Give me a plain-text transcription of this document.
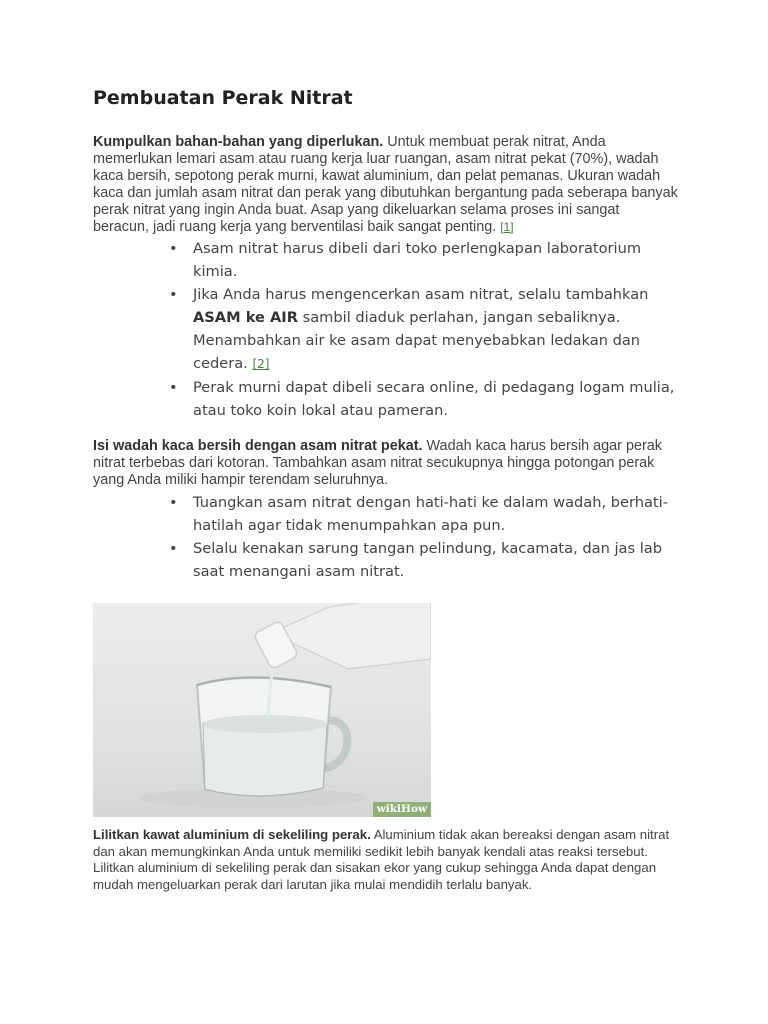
Pembuatan Perak Nitrat

Kumpulkan bahan-bahan yang diperlukan. Untuk membuat perak nitrat, Anda memerlukan lemari asam atau ruang kerja luar ruangan, asam nitrat pekat (70%), wadah kaca bersih, sepotong perak murni, kawat aluminium, dan pelat pemanas. Ukuran wadah kaca dan jumlah asam nitrat dan perak yang dibutuhkan bergantung pada seberapa banyak perak nitrat yang ingin Anda buat. Asap yang dikeluarkan selama proses ini sangat beracun, jadi ruang kerja yang berventilasi baik sangat penting. [1]

• Asam nitrat harus dibeli dari toko perlengkapan laboratorium kimia.
• Jika Anda harus mengencerkan asam nitrat, selalu tambahkan ASAM ke AIR sambil diaduk perlahan, jangan sebaliknya. Menambahkan air ke asam dapat menyebabkan ledakan dan cedera. [2]
• Perak murni dapat dibeli secara online, di pedagang logam mulia, atau toko koin lokal atau pameran.

Isi wadah kaca bersih dengan asam nitrat pekat. Wadah kaca harus bersih agar perak nitrat terbebas dari kotoran. Tambahkan asam nitrat secukupnya hingga potongan perak yang Anda miliki hampir terendam seluruhnya.

• Tuangkan asam nitrat dengan hati-hati ke dalam wadah, berhati-hatilah agar tidak menumpahkan apa pun.
• Selalu kenakan sarung tangan pelindung, kacamata, dan jas lab saat menangani asam nitrat.
wikiHow

Lilitkan kawat aluminium di sekeliling perak. Aluminium tidak akan bereaksi dengan asam nitrat dan akan memungkinkan Anda untuk memiliki sedikit lebih banyak kendali atas reaksi tersebut. Lilitkan aluminium di sekeliling perak dan sisakan ekor yang cukup sehingga Anda dapat dengan mudah mengeluarkan perak dari larutan jika mulai mendidih terlalu banyak.
